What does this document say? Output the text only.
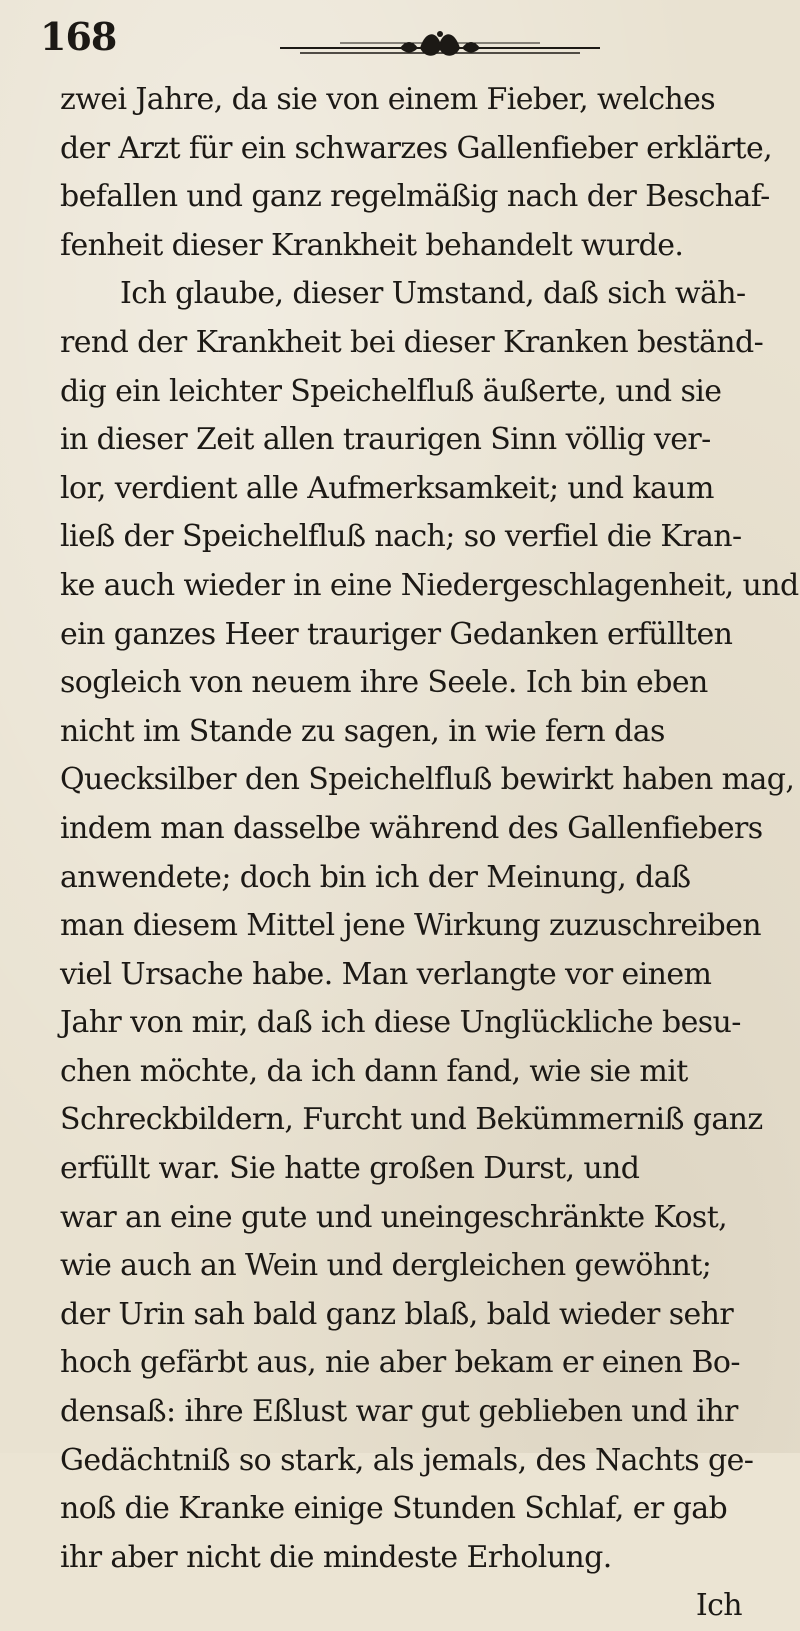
168
zwei Jahre, da sie von einem Fieber, welches
der Arzt für ein schwarzes Gallenfieber erklärte,
befallen und ganz regelmäßig nach der Beschaf-
fenheit dieser Krankheit behandelt wurde.
Ich glaube, dieser Umstand, daß sich wäh-
rend der Krankheit bei dieser Kranken beständ-
dig ein leichter Speichelfluß äußerte, und sie
in dieser Zeit allen traurigen Sinn völlig ver-
lor, verdient alle Aufmerksamkeit; und kaum
ließ der Speichelfluß nach; so verfiel die Kran-
ke auch wieder in eine Niedergeschlagenheit, und
ein ganzes Heer trauriger Gedanken erfüllten
sogleich von neuem ihre Seele. Ich bin eben
nicht im Stande zu sagen, in wie fern das
Quecksilber den Speichelfluß bewirkt haben mag,
indem man dasselbe während des Gallenfiebers
anwendete; doch bin ich der Meinung, daß
man diesem Mittel jene Wirkung zuzuschreiben
viel Ursache habe. Man verlangte vor einem
Jahr von mir, daß ich diese Unglückliche besu-
chen möchte, da ich dann fand, wie sie mit
Schreckbildern, Furcht und Bekümmerniß ganz
erfüllt war. Sie hatte großen Durst, und
war an eine gute und uneingeschränkte Kost,
wie auch an Wein und dergleichen gewöhnt;
der Urin sah bald ganz blaß, bald wieder sehr
hoch gefärbt aus, nie aber bekam er einen Bo-
densaß: ihre Eßlust war gut geblieben und ihr
Gedächtniß so stark, als jemals, des Nachts ge-
noß die Kranke einige Stunden Schlaf, er gab
ihr aber nicht die mindeste Erholung.
Ich
